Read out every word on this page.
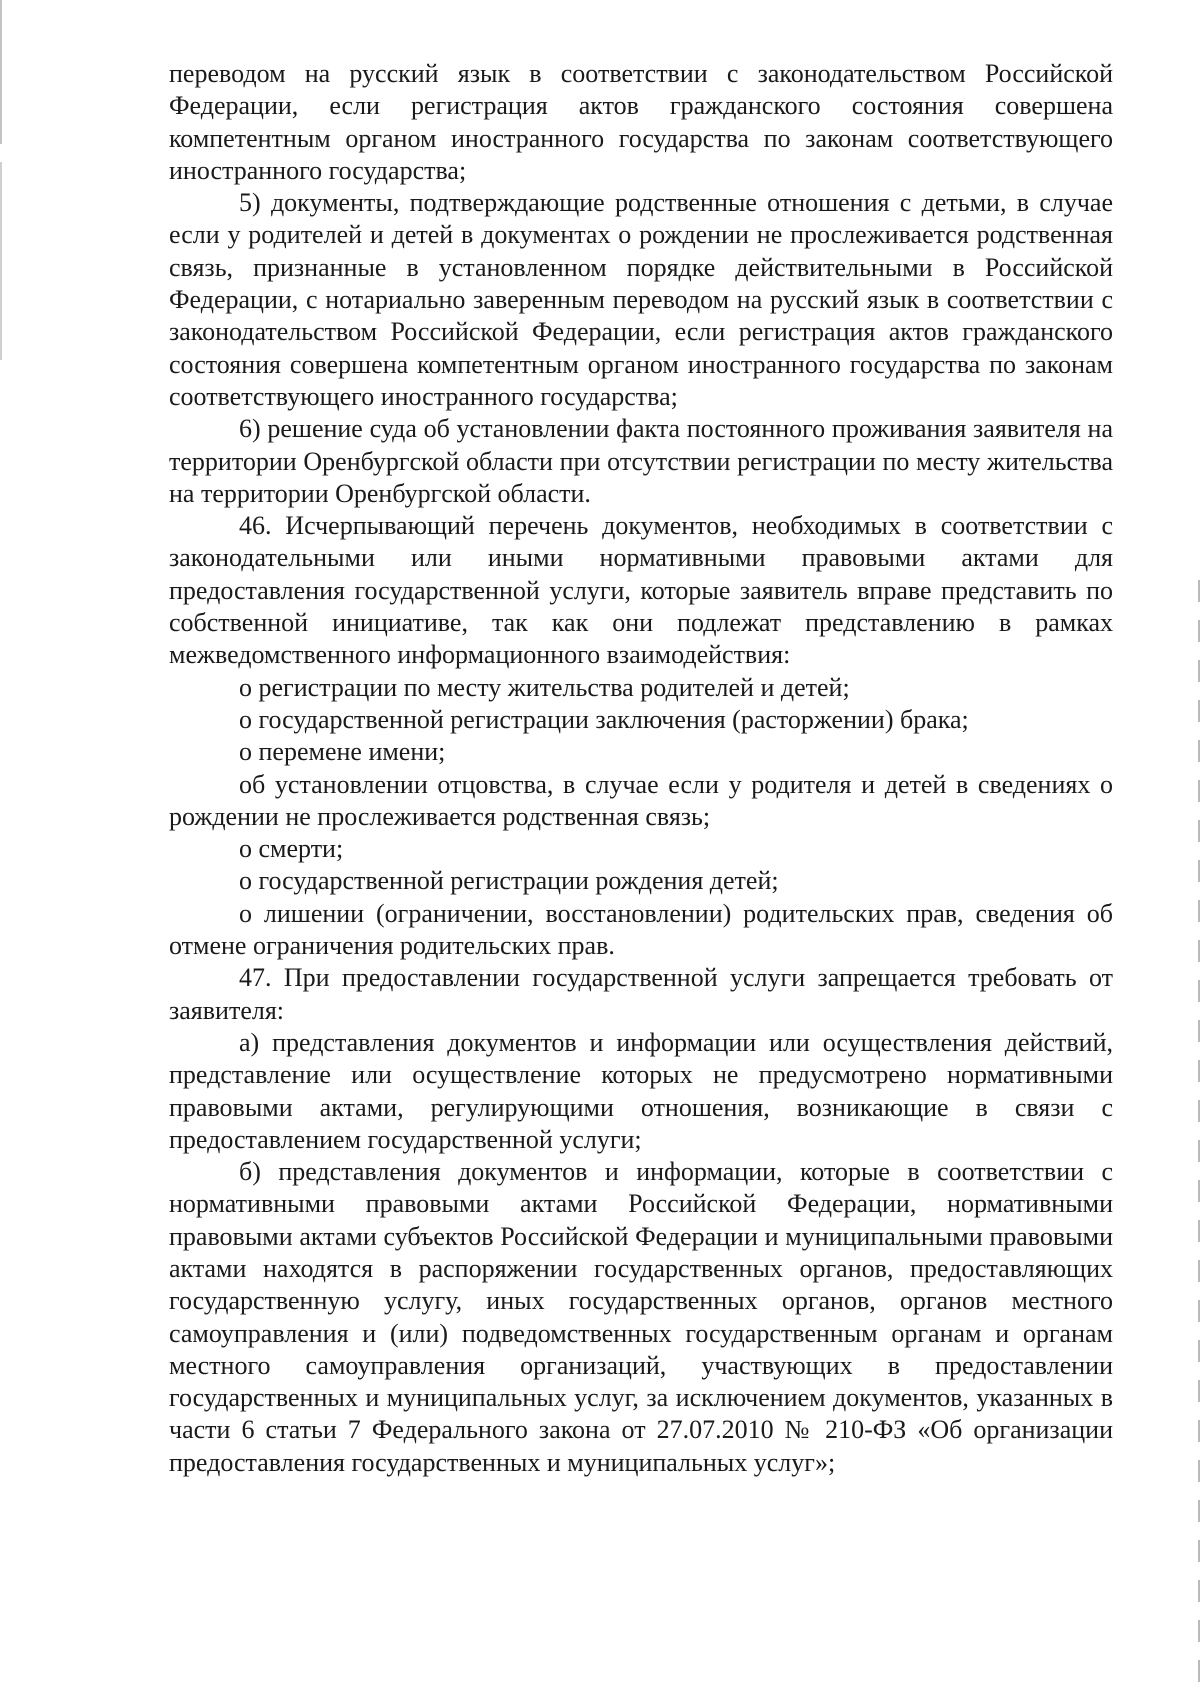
переводом на русский язык в соответствии с законодательством Российской Федерации, если регистрация актов гражданского состояния совершена компетентным органом иностранного государства по законам соответствующего иностранного государства;

5) документы, подтверждающие родственные отношения с детьми, в случае если у родителей и детей в документах о рождении не прослеживается родственная связь, признанные в установленном порядке действительными в Российской Федерации, с нотариально заверенным переводом на русский язык в соответствии с законодательством Российской Федерации, если регистрация актов гражданского состояния совершена компетентным органом иностранного государства по законам соответствующего иностранного государства;

6) решение суда об установлении факта постоянного проживания заявителя на территории Оренбургской области при отсутствии регистрации по месту жительства на территории Оренбургской области.

46. Исчерпывающий перечень документов, необходимых в соответствии с законодательными или иными нормативными правовыми актами для предоставления государственной услуги, которые заявитель вправе представить по собственной инициативе, так как они подлежат представлению в рамках межведомственного информационного взаимодействия:

о регистрации по месту жительства родителей и детей;

о государственной регистрации заключения (расторжении) брака;

о перемене имени;

об установлении отцовства, в случае если у родителя и детей в сведениях о рождении не прослеживается родственная связь;

о смерти;

о государственной регистрации рождения детей;

о лишении (ограничении, восстановлении) родительских прав, сведения об отмене ограничения родительских прав.

47. При предоставлении государственной услуги запрещается требовать от заявителя:

а) представления документов и информации или осуществления действий, представление или осуществление которых не предусмотрено нормативными правовыми актами, регулирующими отношения, возникающие в связи с предоставлением государственной услуги;

б) представления документов и информации, которые в соответствии с нормативными правовыми актами Российской Федерации, нормативными правовыми актами субъектов Российской Федерации и муниципальными правовыми актами находятся в распоряжении государственных органов, предоставляющих государственную услугу, иных государственных органов, органов местного самоуправления и (или) подведомственных государственным органам и органам местного самоуправления организаций, участвующих в предоставлении государственных и муниципальных услуг, за исключением документов, указанных в части 6 статьи 7 Федерального закона от 27.07.2010 № 210-ФЗ «Об организации предоставления государственных и муниципальных услуг»;
